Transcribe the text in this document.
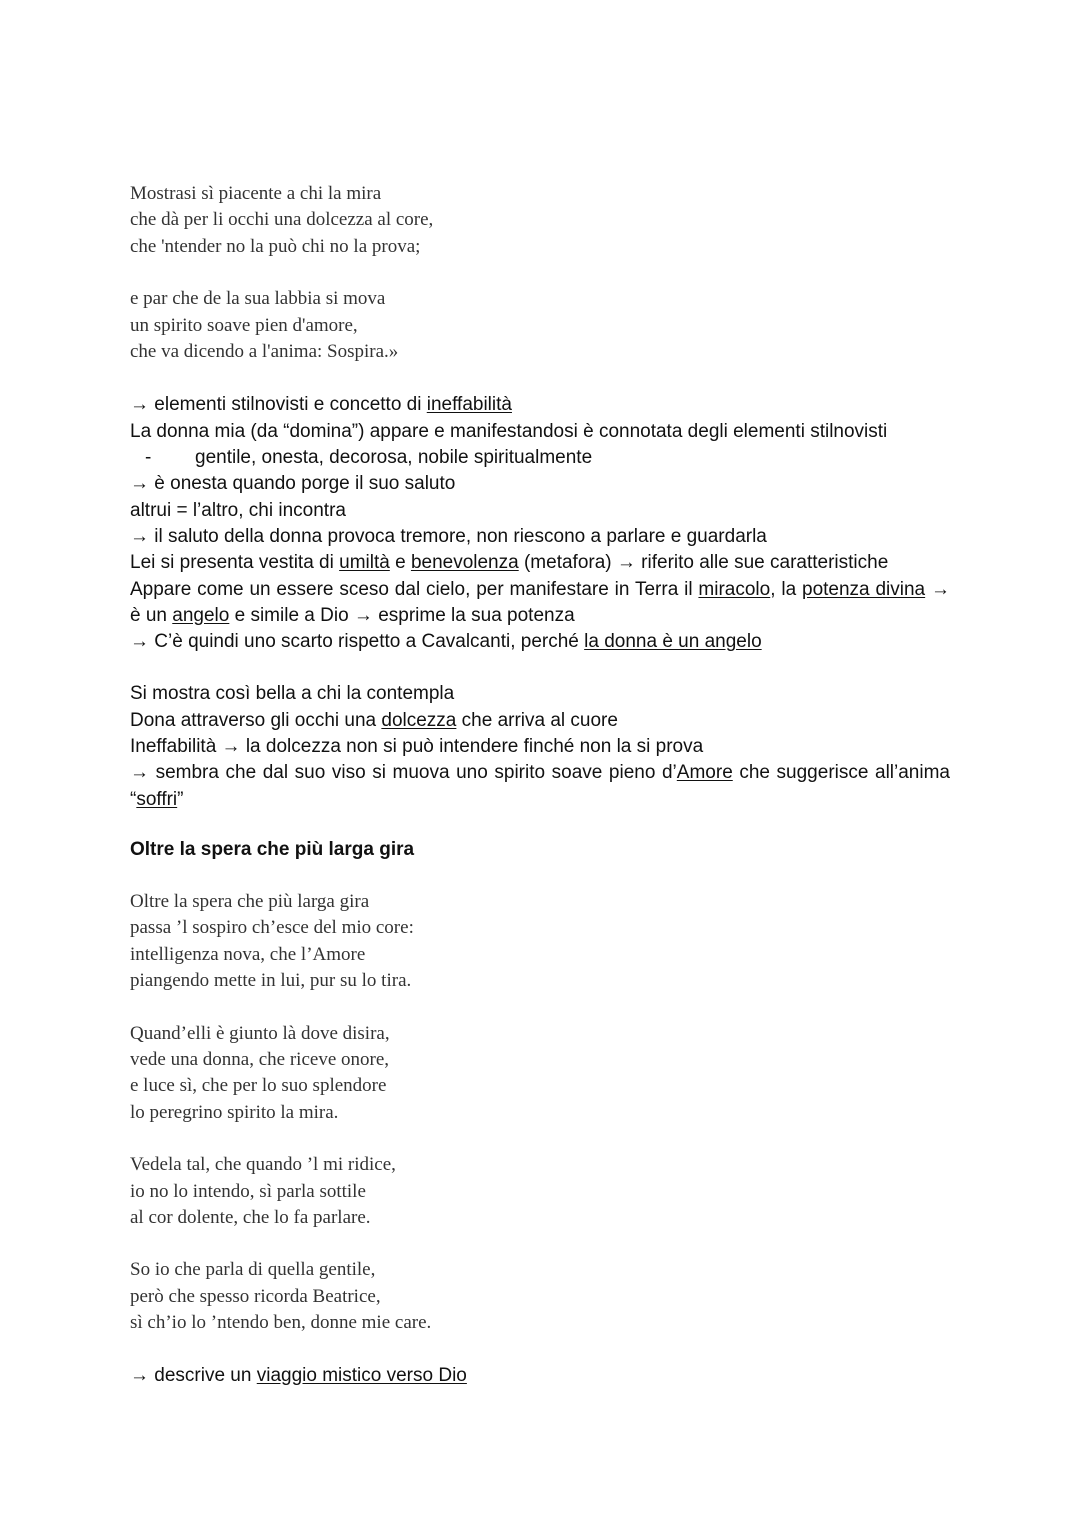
Mostrasi sì piacente a chi la mira
che dà per li occhi una dolcezza al core,
che 'ntender no la può chi no la prova;
e par che de la sua labbia si mova
un spirito soave pien d'amore,
che va dicendo a l'anima: Sospira.»
→ elementi stilnovisti e concetto di ineffabilità
La donna mia (da “domina”) appare e manifestandosi è connotata degli elementi stilnovisti
- gentile, onesta, decorosa, nobile spiritualmente
→ è onesta quando porge il suo saluto
altrui = l’altro, chi incontra
→ il saluto della donna provoca tremore, non riescono a parlare e guardarla
Lei si presenta vestita di umiltà e benevolenza (metafora) → riferito alle sue caratteristiche
Appare come un essere sceso dal cielo, per manifestare in Terra il miracolo, la potenza divina → è un angelo e simile a Dio → esprime la sua potenza
→ C’è quindi uno scarto rispetto a Cavalcanti, perché la donna è un angelo
Si mostra così bella a chi la contempla
Dona attraverso gli occhi una dolcezza che arriva al cuore
Ineffabilità → la dolcezza non si può intendere finché non la si prova
→ sembra che dal suo viso si muova uno spirito soave pieno d’Amore che suggerisce all’anima “soffri”
Oltre la spera che più larga gira
Oltre la spera che più larga gira
passa ’l sospiro ch’esce del mio core:
intelligenza nova, che l’Amore
piangendo mette in lui, pur su lo tira.
Quand’elli è giunto là dove disira,
vede una donna, che riceve onore,
e luce sì, che per lo suo splendore
lo peregrino spirito la mira.
Vedela tal, che quando ’l mi ridice,
io no lo intendo, sì parla sottile
al cor dolente, che lo fa parlare.
So io che parla di quella gentile,
però che spesso ricorda Beatrice,
sì ch’io lo ’ntendo ben, donne mie care.
→ descrive un viaggio mistico verso Dio
